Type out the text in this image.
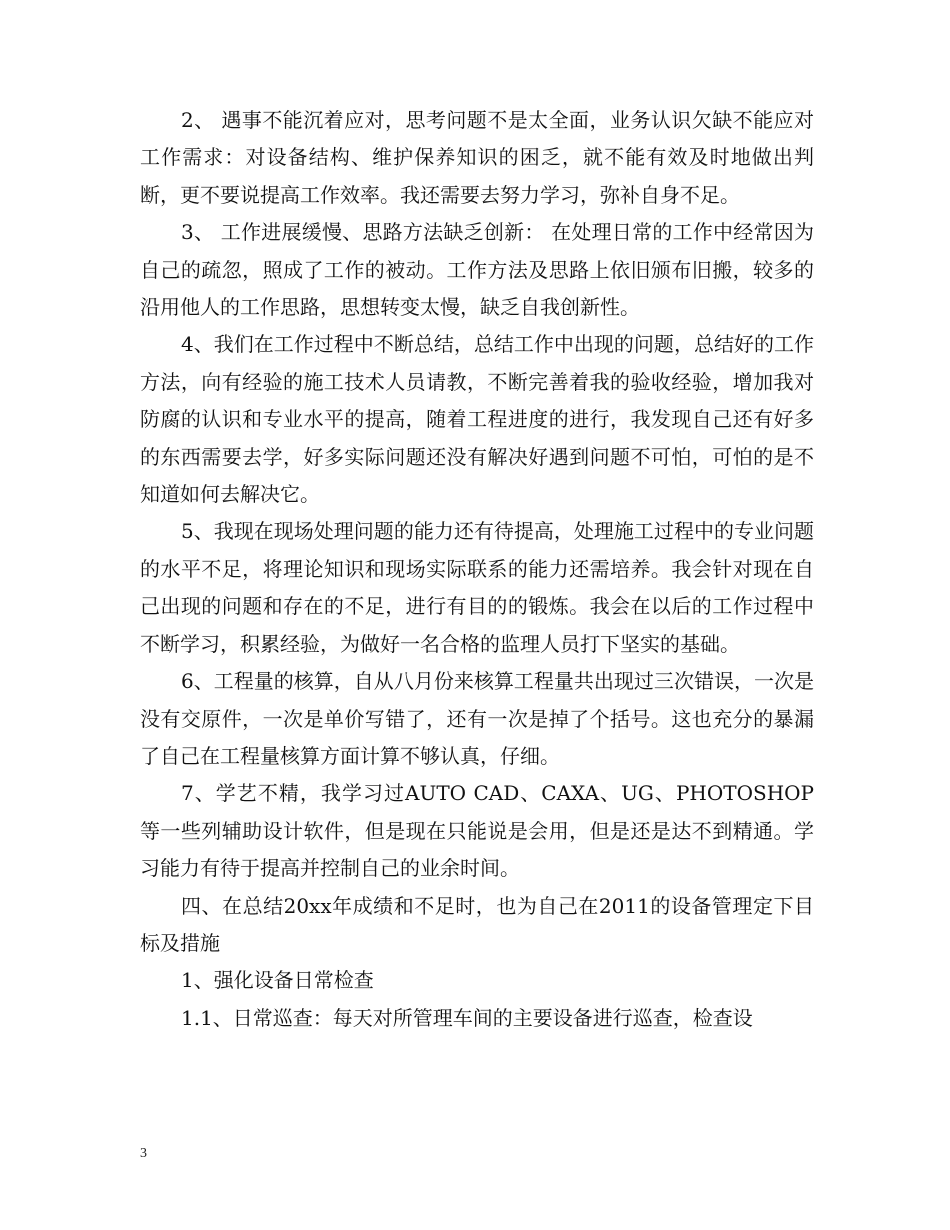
2、 遇事不能沉着应对，思考问题不是太全面，业务认识欠缺不能应对工作需求：对设备结构、维护保养知识的困乏，就不能有效及时地做出判断，更不要说提高工作效率。我还需要去努力学习，弥补自身不足。

3、 工作进展缓慢、思路方法缺乏创新： 在处理日常的工作中经常因为自己的疏忽，照成了工作的被动。工作方法及思路上依旧颁布旧搬，较多的沿用他人的工作思路，思想转变太慢，缺乏自我创新性。

4、我们在工作过程中不断总结，总结工作中出现的问题，总结好的工作方法，向有经验的施工技术人员请教，不断完善着我的验收经验，增加我对防腐的认识和专业水平的提高，随着工程进度的进行，我发现自己还有好多的东西需要去学，好多实际问题还没有解决好遇到问题不可怕，可怕的是不知道如何去解决它。

5、我现在现场处理问题的能力还有待提高，处理施工过程中的专业问题的水平不足，将理论知识和现场实际联系的能力还需培养。我会针对现在自己出现的问题和存在的不足，进行有目的的锻炼。我会在以后的工作过程中不断学习，积累经验，为做好一名合格的监理人员打下坚实的基础。

6、工程量的核算，自从八月份来核算工程量共出现过三次错误，一次是没有交原件，一次是单价写错了，还有一次是掉了个括号。这也充分的暴漏了自己在工程量核算方面计算不够认真，仔细。

7、学艺不精，我学习过AUTO CAD、CAXA、UG、PHOTOSHOP等一些列辅助设计软件，但是现在只能说是会用，但是还是达不到精通。学习能力有待于提高并控制自己的业余时间。

四、在总结20xx年成绩和不足时，也为自己在2011的设备管理定下目标及措施

1、强化设备日常检查

1.1、日常巡查：每天对所管理车间的主要设备进行巡查，检查设

3
